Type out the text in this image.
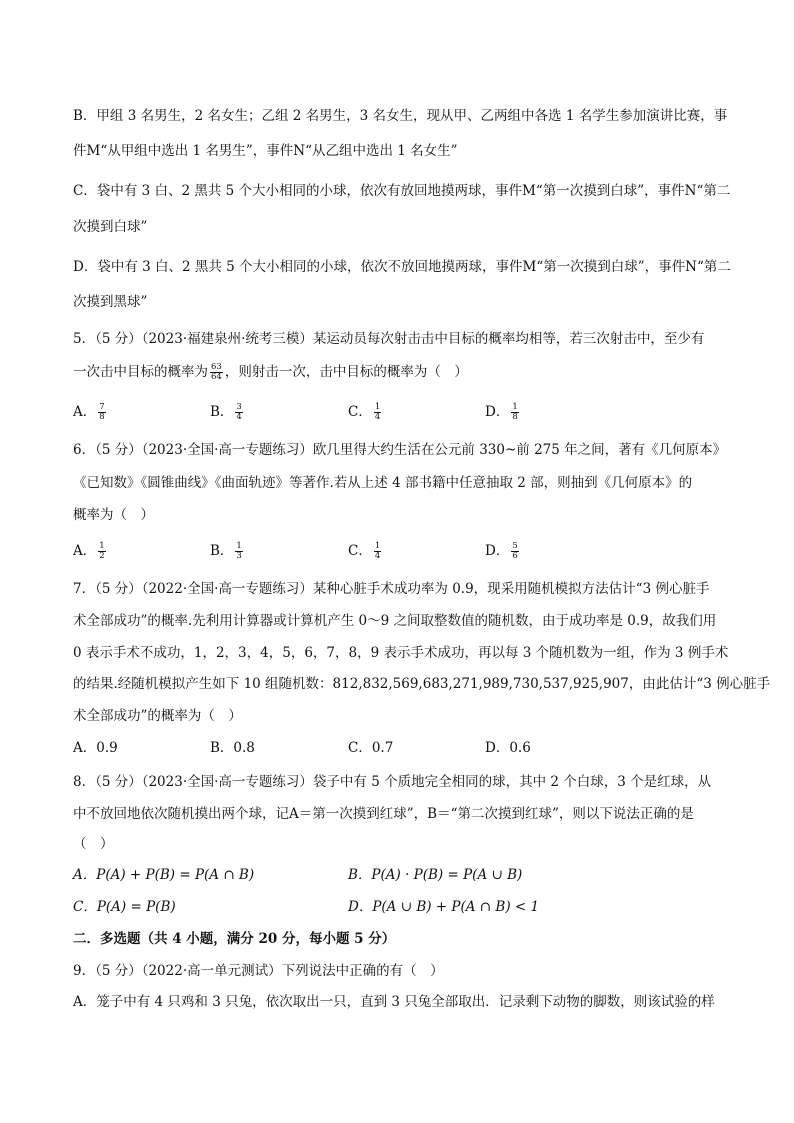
B．甲组 3 名男生，2 名女生；乙组 2 名男生，3 名女生，现从甲、乙两组中各选 1 名学生参加演讲比赛，事
件M“从甲组中选出 1 名男生”，事件N“从乙组中选出 1 名女生”
C．袋中有 3 白、2 黑共 5 个大小相同的小球，依次有放回地摸两球，事件M“第一次摸到白球”，事件N“第二
次摸到白球”
D．袋中有 3 白、2 黑共 5 个大小相同的小球，依次不放回地摸两球，事件M“第一次摸到白球”，事件N“第二
次摸到黑球”
5．（5 分）（2023·福建泉州·统考三模）某运动员每次射击击中目标的概率均相等，若三次射击中，至少有
一次击中目标的概率为 $\frac{63}{64}$ ，则射击一次，击中目标的概率为（　）
A． $\frac{7}{8}$	B． $\frac{3}{4}$	C． $\frac{1}{4}$	D． $\frac{1}{8}$
6．（5 分）（2023·全国·高一专题练习）欧几里得大约生活在公元前 330~前 275 年之间，著有《几何原本》
《已知数》《圆锥曲线》《曲面轨迹》等著作.若从上述 4 部书籍中任意抽取 2 部，则抽到《几何原本》的
概率为（　）
A． $\frac{1}{2}$	B． $\frac{1}{3}$	C． $\frac{1}{4}$	D． $\frac{5}{6}$
7．（5 分）（2022·全国·高一专题练习）某种心脏手术成功率为 0.9，现采用随机模拟方法估计“3 例心脏手
术全部成功”的概率.先利用计算器或计算机产生 0～9 之间取整数值的随机数，由于成功率是 0.9，故我们用
0 表示手术不成功，1，2，3，4，5，6，7，8，9 表示手术成功，再以每 3 个随机数为一组，作为 3 例手术
的结果.经随机模拟产生如下 10 组随机数：812,832,569,683,271,989,730,537,925,907，由此估计“3 例心脏手
术全部成功”的概率为（　）
A．0.9	B．0.8	C．0.7	D．0.6
8．（5 分）（2023·全国·高一专题练习）袋子中有 5 个质地完全相同的球，其中 2 个白球，3 个是红球，从
中不放回地依次随机摸出两个球，记A＝第一次摸到红球”，B＝“第二次摸到红球”，则以下说法正确的是
（　）
A．P(A) + P(B) = P(A ∩ B)	B．P(A) · P(B) = P(A ∪ B)
C．P(A) = P(B)	D．P(A ∪ B) + P(A ∩ B) < 1
二．多选题（共 4 小题，满分 20 分，每小题 5 分）
9．（5 分）（2022·高一单元测试）下列说法中正确的有（　）
A．笼子中有 4 只鸡和 3 只兔，依次取出一只，直到 3 只兔全部取出．记录剩下动物的脚数，则该试验的样
